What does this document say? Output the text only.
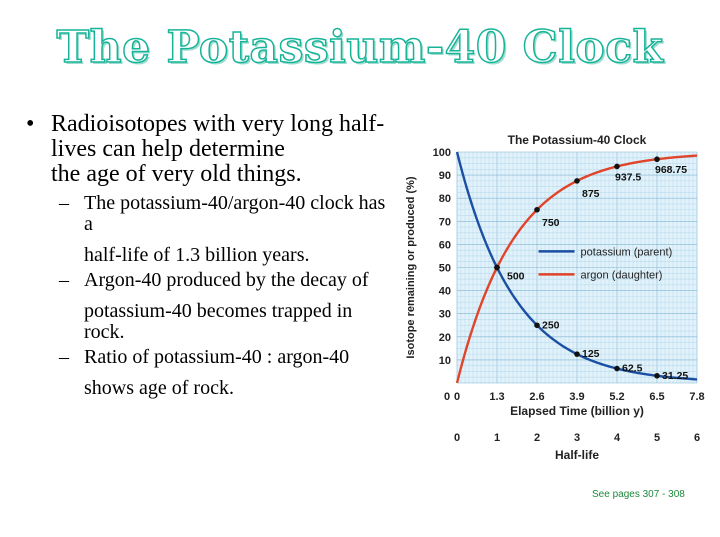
The Potassium-40 Clock
• Radioisotopes with very long half-lives can help determine
the age of very old things.
– The potassium-40/argon-40 clock has a
half-life of 1.3 billion years.
– Argon-40 produced by the decay of
potassium-40 becomes trapped in rock.
– Ratio of potassium-40 : argon-40
shows age of rock.
The Potassium-40 Clock
10
20
30
40
50
60
70
80
90
100
0	1.3 2.6 3.9 5.2 6.5 7.8
0
Elapsed Time (billion y)
Isotope remaining or produced (%)
0	1	2	3	4	5	6
Half-life
500
750
875
937.5
968.75
250
125
62.5
31.25
potassium (parent)
argon (daughter)
See pages 307 - 308
